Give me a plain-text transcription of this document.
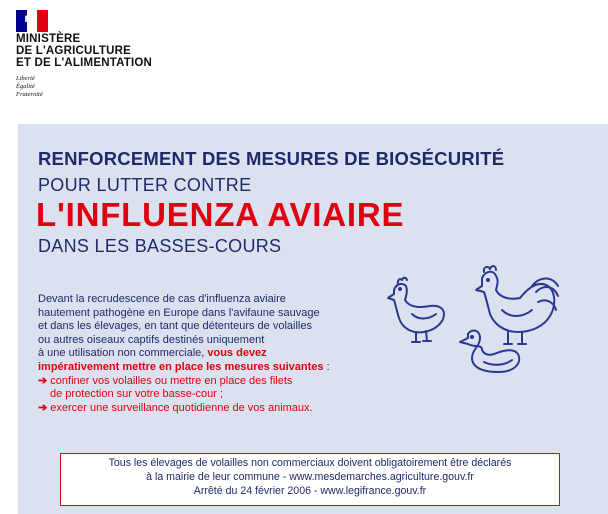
MINISTÈRE
DE L'AGRICULTURE
ET DE L'ALIMENTATION
Liberté
Égalité
Fraternité
RENFORCEMENT DES MESURES DE BIOSÉCURITÉ
POUR LUTTER CONTRE
L'INFLUENZA AVIAIRE
DANS LES BASSES-COURS
Devant la recrudescence de cas d'influenza aviaire
hautement pathogène en Europe dans l'avifaune sauvage
et dans les élevages, en tant que détenteurs de volailles
ou autres oiseaux captifs destinés uniquement
à une utilisation non commerciale, vous devez
impérativement mettre en place les mesures suivantes :
➔ confiner vos volailles ou mettre en place des filets
de protection sur votre basse-cour ;
➔ exercer une surveillance quotidienne de vos animaux.
Tous les élevages de volailles non commerciaux doivent obligatoirement être déclarés
à la mairie de leur commune - www.mesdemarches.agriculture.gouv.fr
Arrêté du 24 février 2006 - www.legifrance.gouv.fr
